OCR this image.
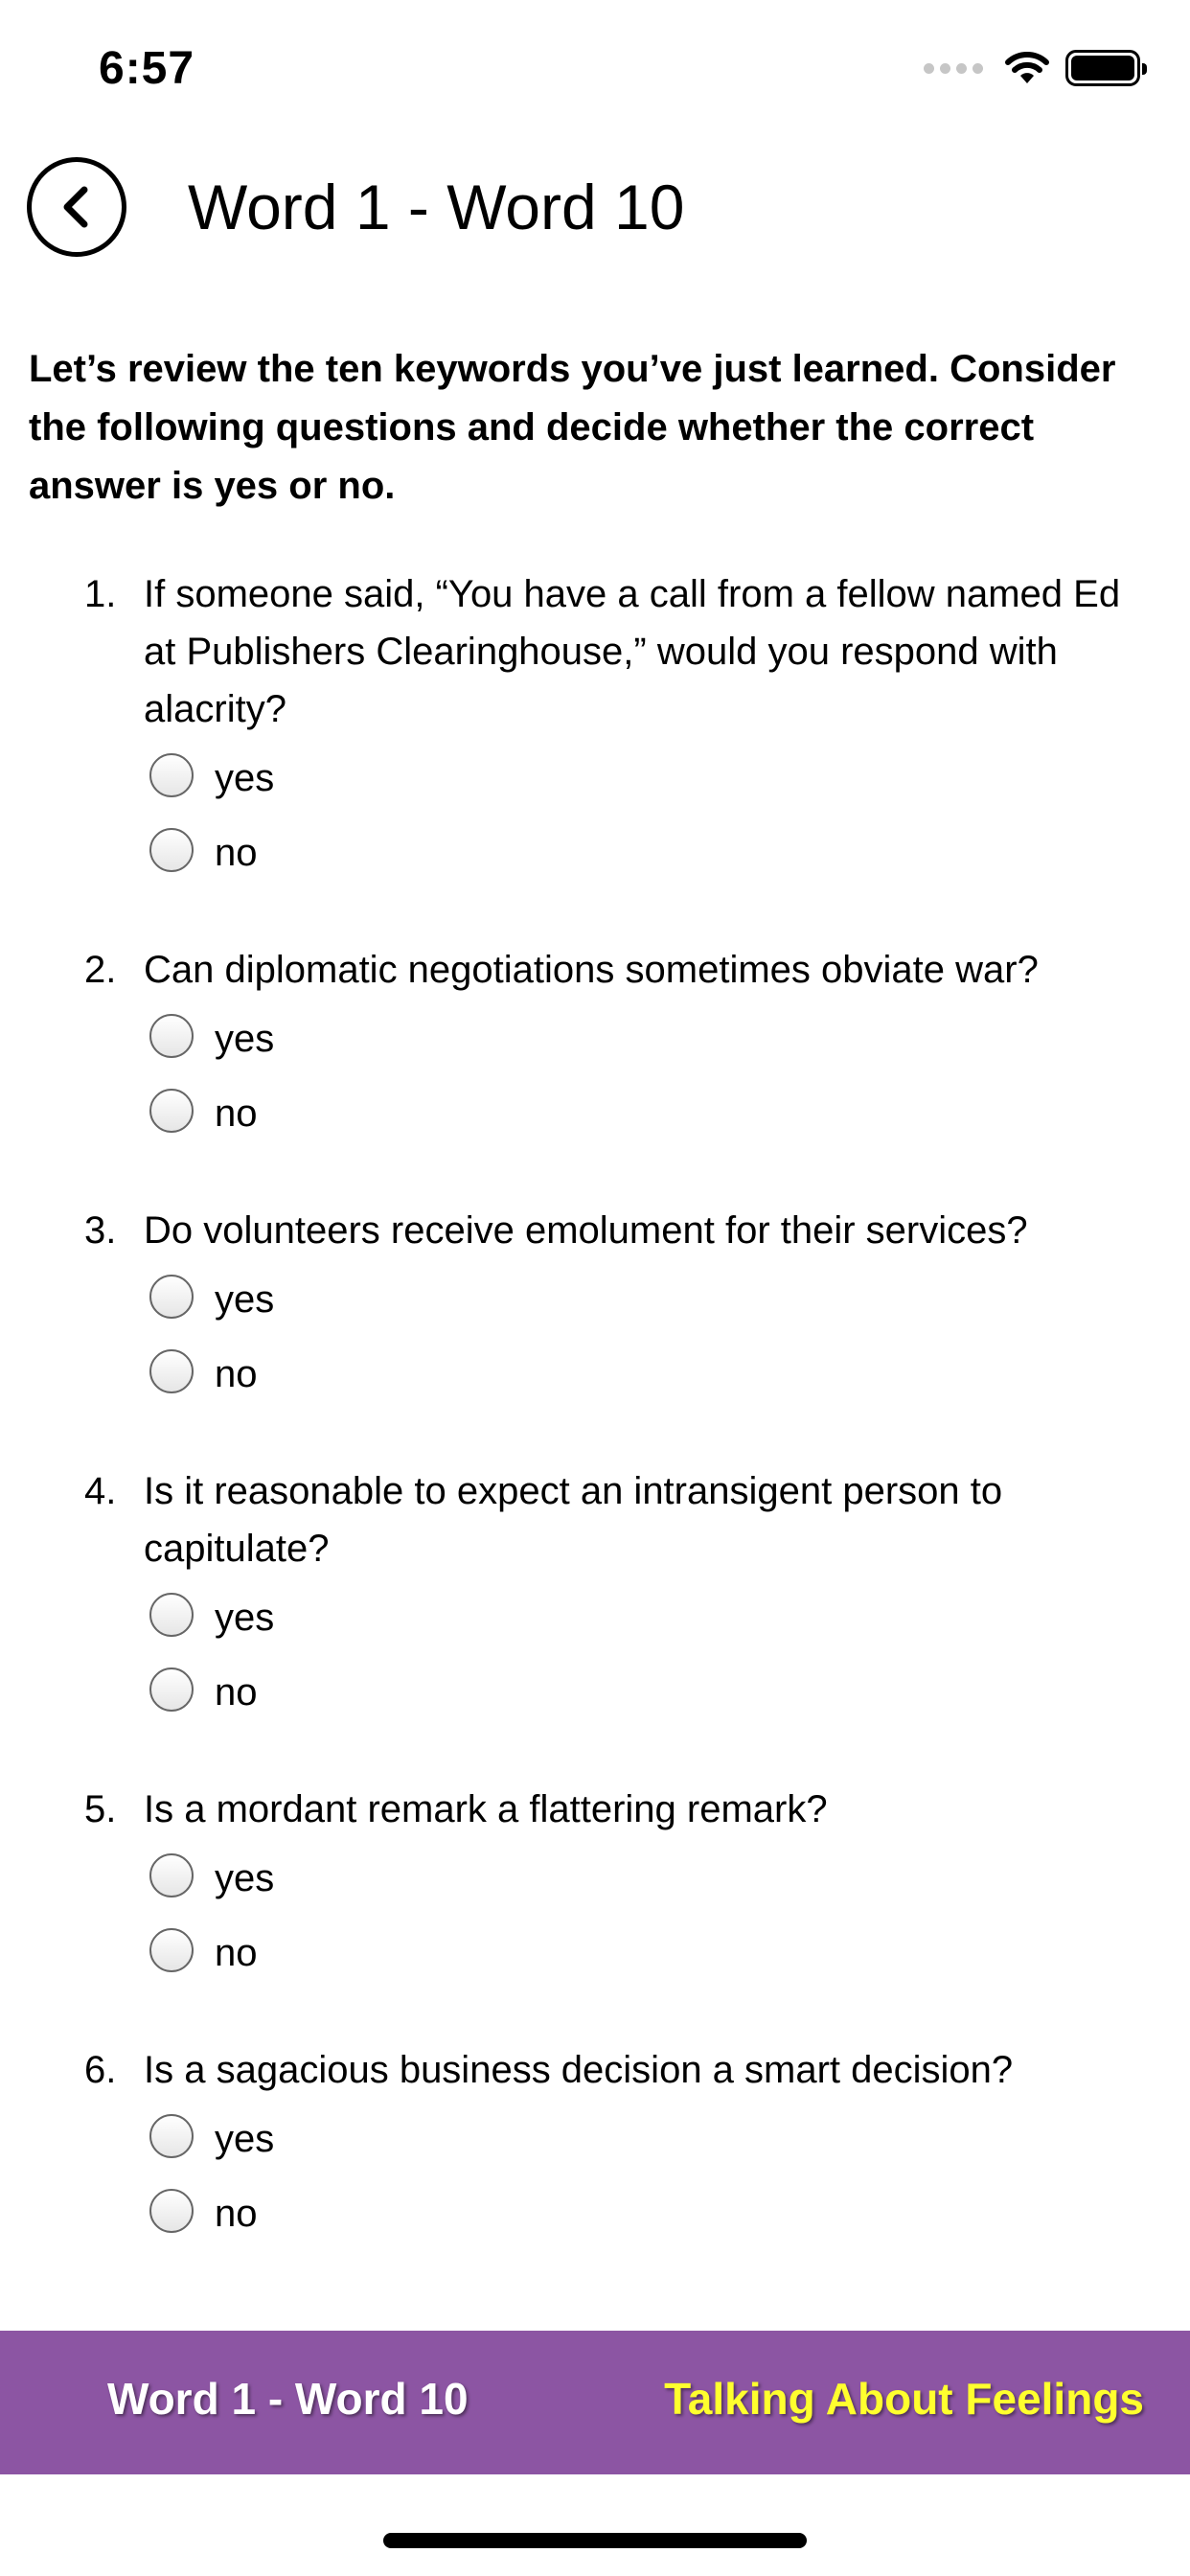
6:57
Word 1 - Word 10

Let’s review the ten keywords you’ve just learned. Consider the following questions and decide whether the correct answer is yes or no.

1. If someone said, “You have a call from a fellow named Ed at Publishers Clearinghouse,” would you respond with alacrity?
yes
no
2. Can diplomatic negotiations sometimes obviate war?
yes
no
3. Do volunteers receive emolument for their services?
yes
no
4. Is it reasonable to expect an intransigent person to capitulate?
yes
no
5. Is a mordant remark a flattering remark?
yes
no
6. Is a sagacious business decision a smart decision?
yes
no
Word 1 - Word 10	Talking About Feelings
